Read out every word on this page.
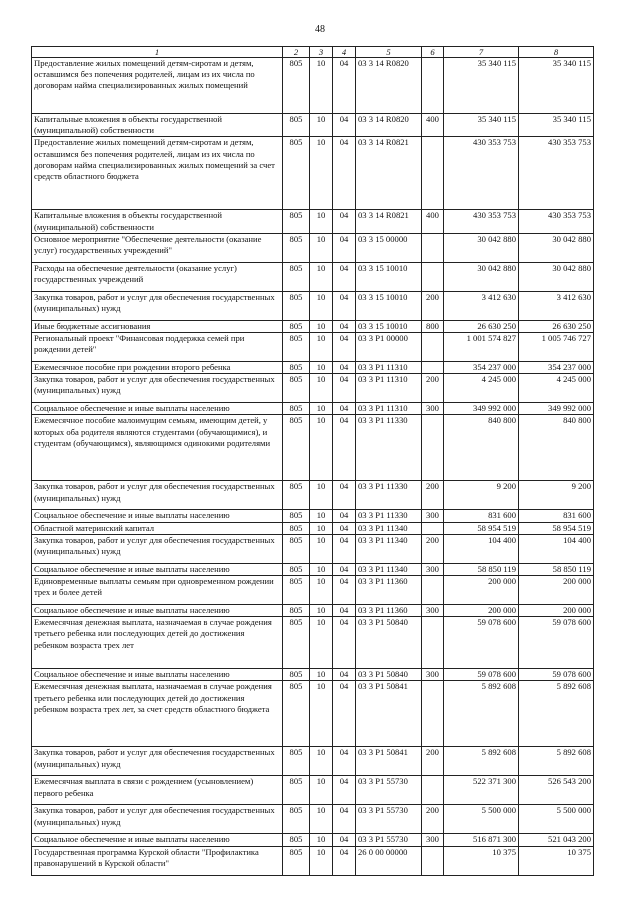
48
1	2	3	4	5	6	7	8
Предоставление жилых помещений детям-сиротам и детям, оставшимся без попечения родителей, лицам из их числа по договорам найма специализированных жилых помещений	805	10	04	03 3 14 R0820		35 340 115	35 340 115
Капитальные вложения в объекты государственной (муниципальной) собственности	805	10	04	03 3 14 R0820	400	35 340 115	35 340 115
Предоставление жилых помещений детям-сиротам и детям, оставшимся без попечения родителей, лицам из их числа по договорам найма специализированных жилых помещений за счет средств областного бюджета	805	10	04	03 3 14 R0821		430 353 753	430 353 753
Капитальные вложения в объекты государственной (муниципальной) собственности	805	10	04	03 3 14 R0821	400	430 353 753	430 353 753
Основное мероприятие "Обеспечение деятельности (оказание услуг) государственных учреждений"	805	10	04	03 3 15 00000		30 042 880	30 042 880
Расходы на обеспечение деятельности (оказание услуг) государственных учреждений	805	10	04	03 3 15 10010		30 042 880	30 042 880
Закупка товаров, работ и услуг для обеспечения государственных (муниципальных) нужд	805	10	04	03 3 15 10010	200	3 412 630	3 412 630
Иные бюджетные ассигнования	805	10	04	03 3 15 10010	800	26 630 250	26 630 250
Региональный проект "Финансовая поддержка семей при рождении детей"	805	10	04	03 3 P1 00000		1 001 574 827	1 005 746 727
Ежемесячное пособие при рождении второго ребенка	805	10	04	03 3 P1 11310		354 237 000	354 237 000
Закупка товаров, работ и услуг для обеспечения государственных (муниципальных) нужд	805	10	04	03 3 P1 11310	200	4 245 000	4 245 000
Социальное обеспечение и иные выплаты населению	805	10	04	03 3 P1 11310	300	349 992 000	349 992 000
Ежемесячное пособие малоимущим семьям, имеющим детей, у которых оба родителя являются студентами (обучающимися), и студентам (обучающимся), являющимся одинокими родителями	805	10	04	03 3 P1 11330		840 800	840 800
Закупка товаров, работ и услуг для обеспечения государственных (муниципальных) нужд	805	10	04	03 3 P1 11330	200	9 200	9 200
Социальное обеспечение и иные выплаты населению	805	10	04	03 3 P1 11330	300	831 600	831 600
Областной материнский капитал	805	10	04	03 3 P1 11340		58 954 519	58 954 519
Закупка товаров, работ и услуг для обеспечения государственных (муниципальных) нужд	805	10	04	03 3 P1 11340	200	104 400	104 400
Социальное обеспечение и иные выплаты населению	805	10	04	03 3 P1 11340	300	58 850 119	58 850 119
Единовременные выплаты семьям при одновременном рождении трех и более детей	805	10	04	03 3 P1 11360		200 000	200 000
Социальное обеспечение и иные выплаты населению	805	10	04	03 3 P1 11360	300	200 000	200 000
Ежемесячная денежная выплата, назначаемая в случае рождения третьего ребенка или последующих детей до достижения ребенком возраста трех лет	805	10	04	03 3 P1 50840		59 078 600	59 078 600
Социальное обеспечение и иные выплаты населению	805	10	04	03 3 P1 50840	300	59 078 600	59 078 600
Ежемесячная денежная выплата, назначаемая в случае рождения третьего ребенка или последующих детей до достижения ребенком возраста трех лет, за счет средств областного бюджета	805	10	04	03 3 P1 50841		5 892 608	5 892 608
Закупка товаров, работ и услуг для обеспечения государственных (муниципальных) нужд	805	10	04	03 3 P1 50841	200	5 892 608	5 892 608
Ежемесячная выплата в связи с рождением (усыновлением) первого ребенка	805	10	04	03 3 P1 55730		522 371 300	526 543 200
Закупка товаров, работ и услуг для обеспечения государственных (муниципальных) нужд	805	10	04	03 3 P1 55730	200	5 500 000	5 500 000
Социальное обеспечение и иные выплаты населению	805	10	04	03 3 P1 55730	300	516 871 300	521 043 200
Государственная программа Курской области "Профилактика правонарушений в Курской области"	805	10	04	26 0 00 00000		10 375	10 375
